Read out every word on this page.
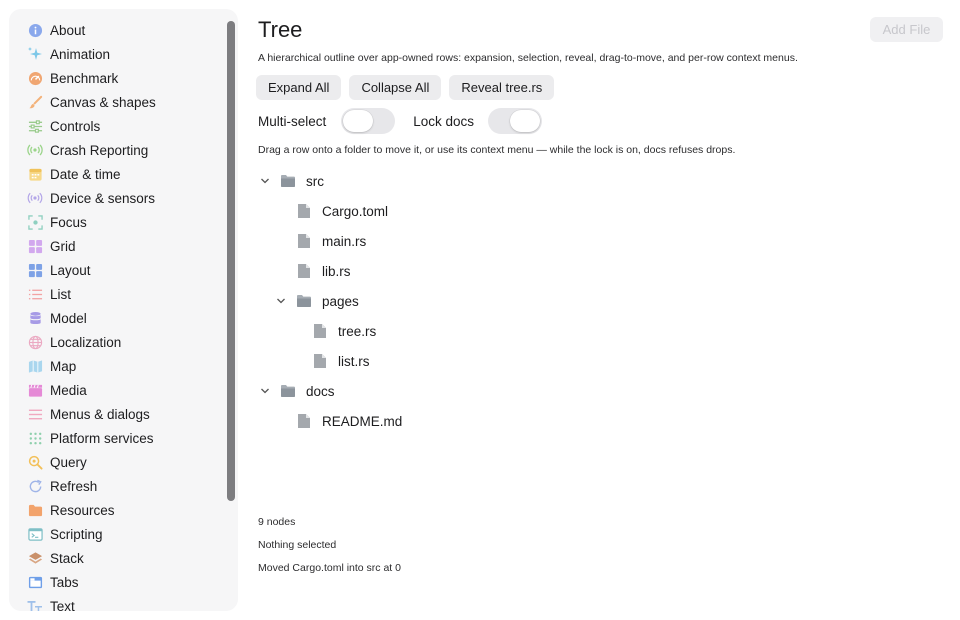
About
Animation
Benchmark
Canvas & shapes
Controls
Crash Reporting
Date & time
Device & sensors
Focus
Grid
Layout
List
Model
Localization
Map
Media
Menus & dialogs
Platform services
Query
Refresh
Resources
Scripting
Stack
Tabs
Text
Tree	Add File
A hierarchical outline over app-owned rows: expansion, selection, reveal, drag-to-move, and per-row context menus.
Expand All	Collapse All	Reveal tree.rs
Multi-select	Lock docs
Drag a row onto a folder to move it, or use its context menu — while the lock is on, docs refuses drops.
src
Cargo.toml
main.rs
lib.rs
pages
tree.rs
list.rs
docs
README.md
9 nodes
Nothing selected
Moved Cargo.toml into src at 0
